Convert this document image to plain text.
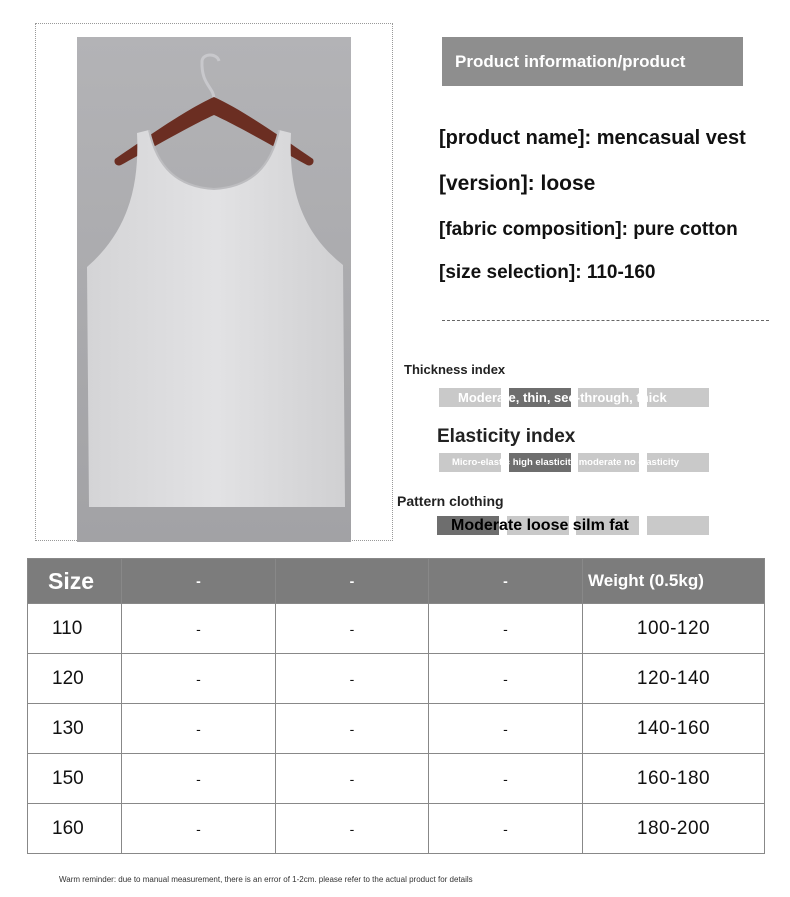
Product information/product
[product name]: mencasual vest
[version]: loose
[fabric composition]: pure cotton
[size selection]: 110-160
Thickness index
Moderate, thin, see-through, thick
Elasticity index
Micro-elastic high elasticity moderate no elasticity
Pattern clothing
Moderate loose silm fat
Size	-	-	-	Weight (0.5kg)
110	-	-	-	100-120
120	-	-	-	120-140
130	-	-	-	140-160
150	-	-	-	160-180
160	-	-	-	180-200
Warm reminder: due to manual measurement, there is an error of 1-2cm. please refer to the actual product for details
